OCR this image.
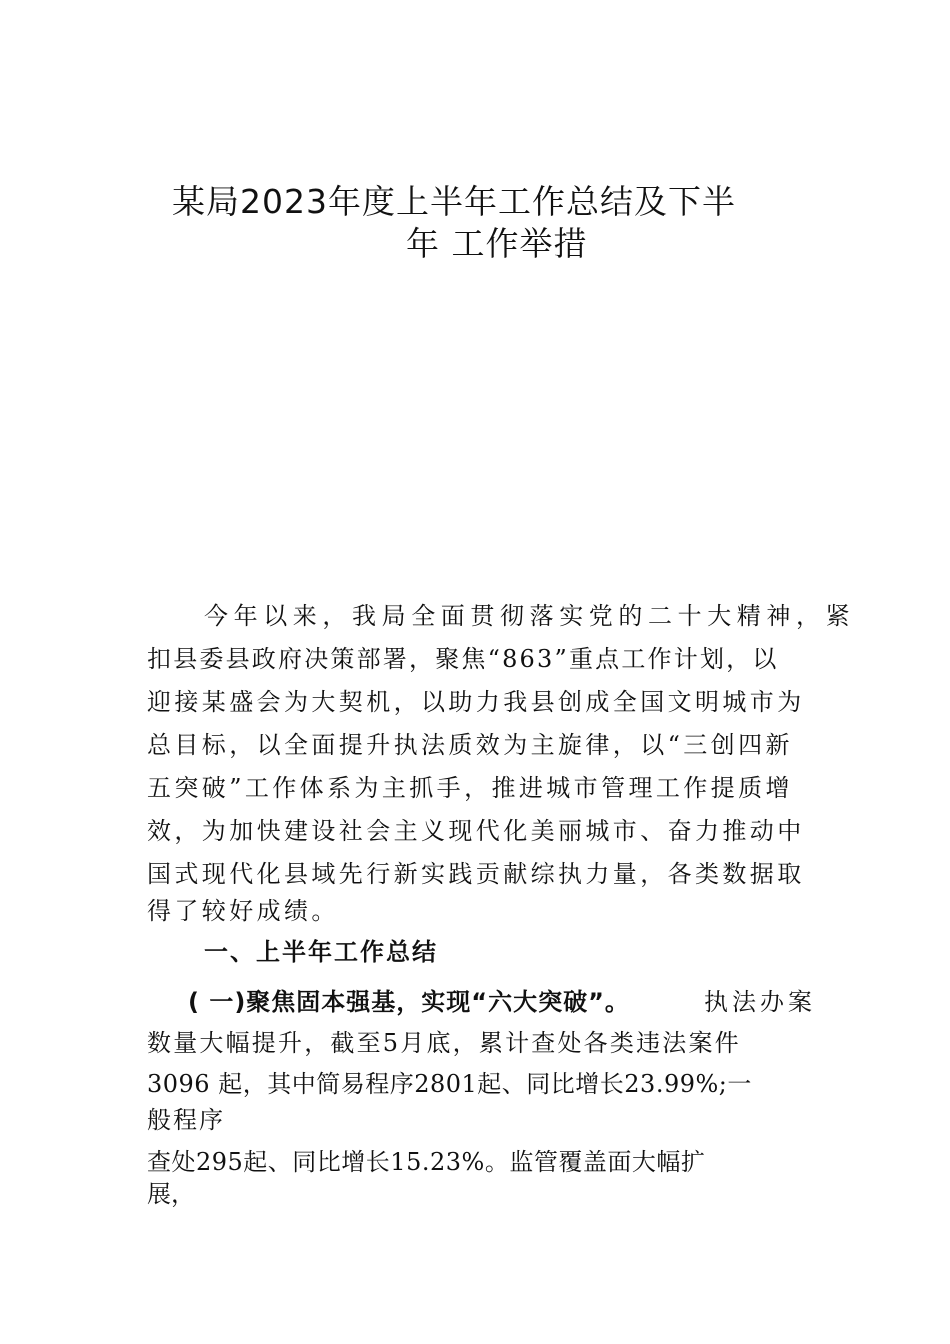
某局2023年度上半年工作总结及下半
年 工作举措
今年以来，我局全面贯彻落实党的二十大精神，紧
扣县委县政府决策部署，聚焦“863”重点工作计划，以
迎接某盛会为大契机，以助力我县创成全国文明城市为
总目标，以全面提升执法质效为主旋律，以“三创四新
五突破”工作体系为主抓手，推进城市管理工作提质增
效，为加快建设社会主义现代化美丽城市、奋力推动中
国式现代化县域先行新实践贡献综执力量，各类数据取
得了较好成绩。
一、上半年工作总结
( 一)聚焦固本强基，实现“六大突破”。	执法办案
数量大幅提升，截至5月底，累计查处各类违法案件
3096 起，其中简易程序2801起、同比增长23.99%;一
般程序
查处295起、同比增长15.23%。监管覆盖面大幅扩
展，
